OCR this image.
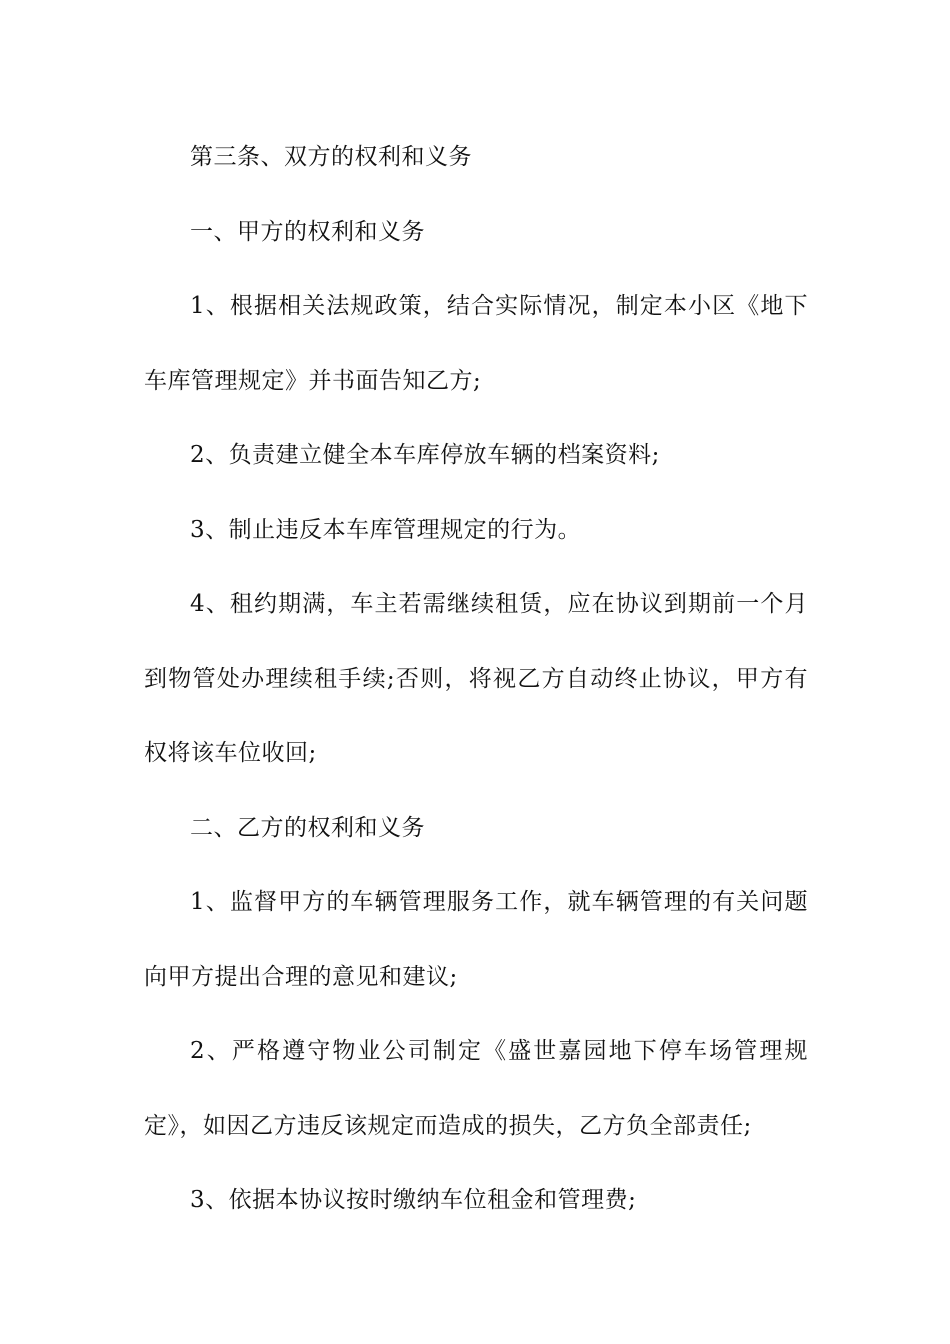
第三条、双方的权利和义务

一、甲方的权利和义务

1、根据相关法规政策，结合实际情况，制定本小区《地下车库管理规定》并书面告知乙方;

2、负责建立健全本车库停放车辆的档案资料;

3、制止违反本车库管理规定的行为。

4、租约期满，车主若需继续租赁，应在协议到期前一个月到物管处办理续租手续;否则，将视乙方自动终止协议，甲方有权将该车位收回;

二、乙方的权利和义务

1、监督甲方的车辆管理服务工作，就车辆管理的有关问题向甲方提出合理的意见和建议;

2、严格遵守物业公司制定《盛世嘉园地下停车场管理规定》，如因乙方违反该规定而造成的损失，乙方负全部责任;

3、依据本协议按时缴纳车位租金和管理费;
